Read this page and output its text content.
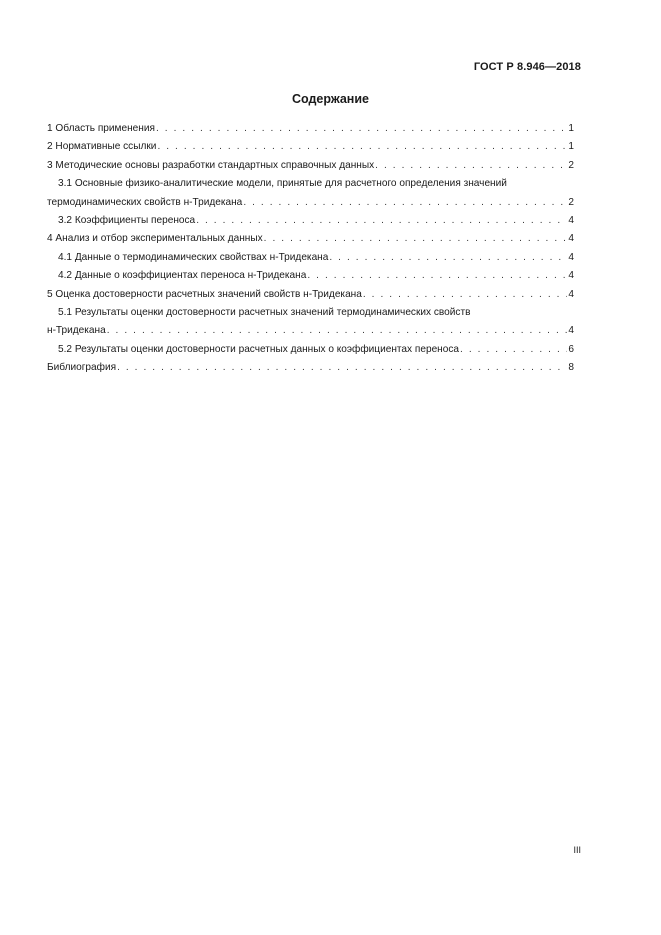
ГОСТ Р 8.946—2018
Содержание
1 Область применения . . .	1
2 Нормативные ссылки . . .	1
3 Методические основы разработки стандартных справочных данных . . .	2
3.1 Основные физико-аналитические модели, принятые для расчетного определения значений
термодинамических свойств н-Тридекана . . .	2
3.2 Коэффициенты переноса . . .	4
4 Анализ и отбор экспериментальных данных . . .	4
4.1 Данные о термодинамических свойствах н-Тридекана . . .	4
4.2 Данные о коэффициентах переноса н-Тридекана . . .	4
5 Оценка достоверности расчетных значений свойств н-Тридекана . . .	4
5.1 Результаты оценки достоверности расчетных значений термодинамических свойств
н-Тридекана . . .	4
5.2 Результаты оценки достоверности расчетных данных о коэффициентах переноса . . .	6
Библиография . . .	8
III
